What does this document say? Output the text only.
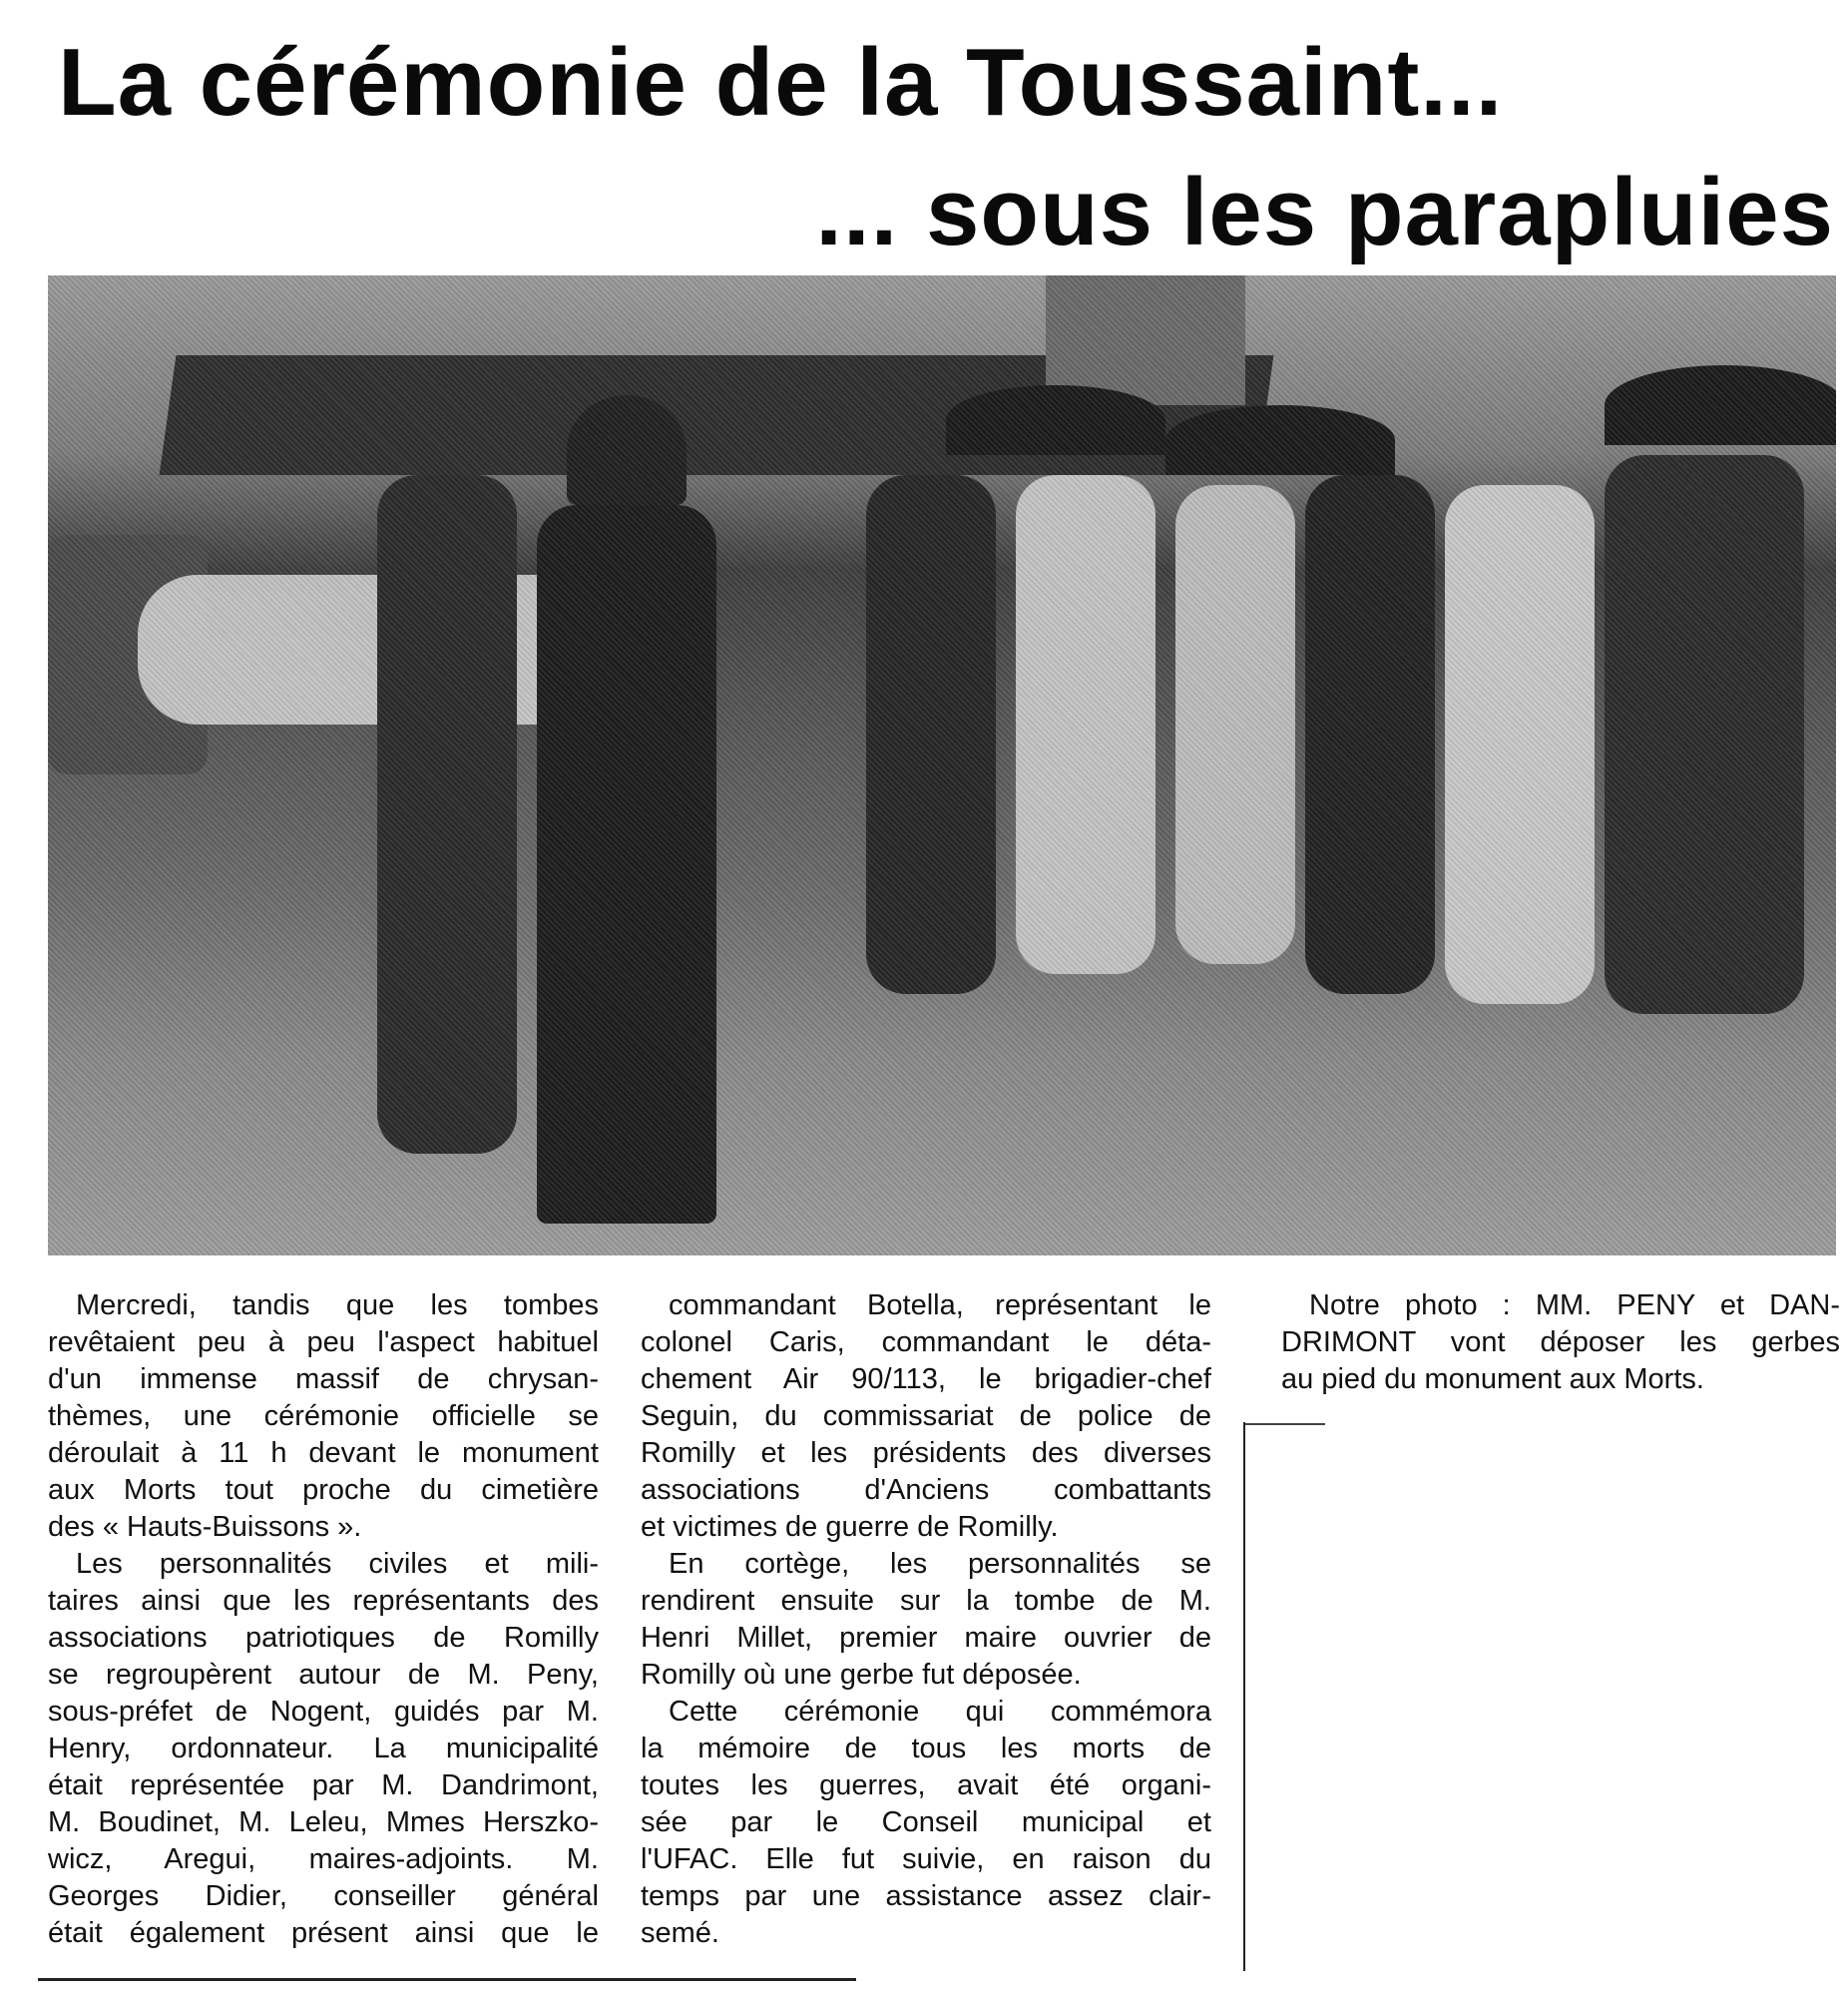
La cérémonie de la Toussaint...
... sous les parapluies
Mercredi, tandis que les tombes
revêtaient peu à peu l'aspect habituel
d'un immense massif de chrysan-
thèmes, une cérémonie officielle se
déroulait à 11 h devant le monument
aux Morts tout proche du cimetière
des « Hauts-Buissons ».
Les personnalités civiles et mili-
taires ainsi que les représentants des
associations patriotiques de Romilly
se regroupèrent autour de M. Peny,
sous-préfet de Nogent, guidés par M.
Henry, ordonnateur. La municipalité
était représentée par M. Dandrimont,
M. Boudinet, M. Leleu, Mmes Herszko-
wicz, Aregui, maires-adjoints. M.
Georges Didier, conseiller général
était également présent ainsi que le
commandant Botella, représentant le
colonel Caris, commandant le déta-
chement Air 90/113, le brigadier-chef
Seguin, du commissariat de police de
Romilly et les présidents des diverses
associations d'Anciens combattants
et victimes de guerre de Romilly.
En cortège, les personnalités se
rendirent ensuite sur la tombe de M.
Henri Millet, premier maire ouvrier de
Romilly où une gerbe fut déposée.
Cette cérémonie qui commémora
la mémoire de tous les morts de
toutes les guerres, avait été organi-
sée par le Conseil municipal et
l'UFAC. Elle fut suivie, en raison du
temps par une assistance assez clair-
semé.
Notre photo : MM. PENY et DAN-
DRIMONT vont déposer les gerbes
au pied du monument aux Morts.
